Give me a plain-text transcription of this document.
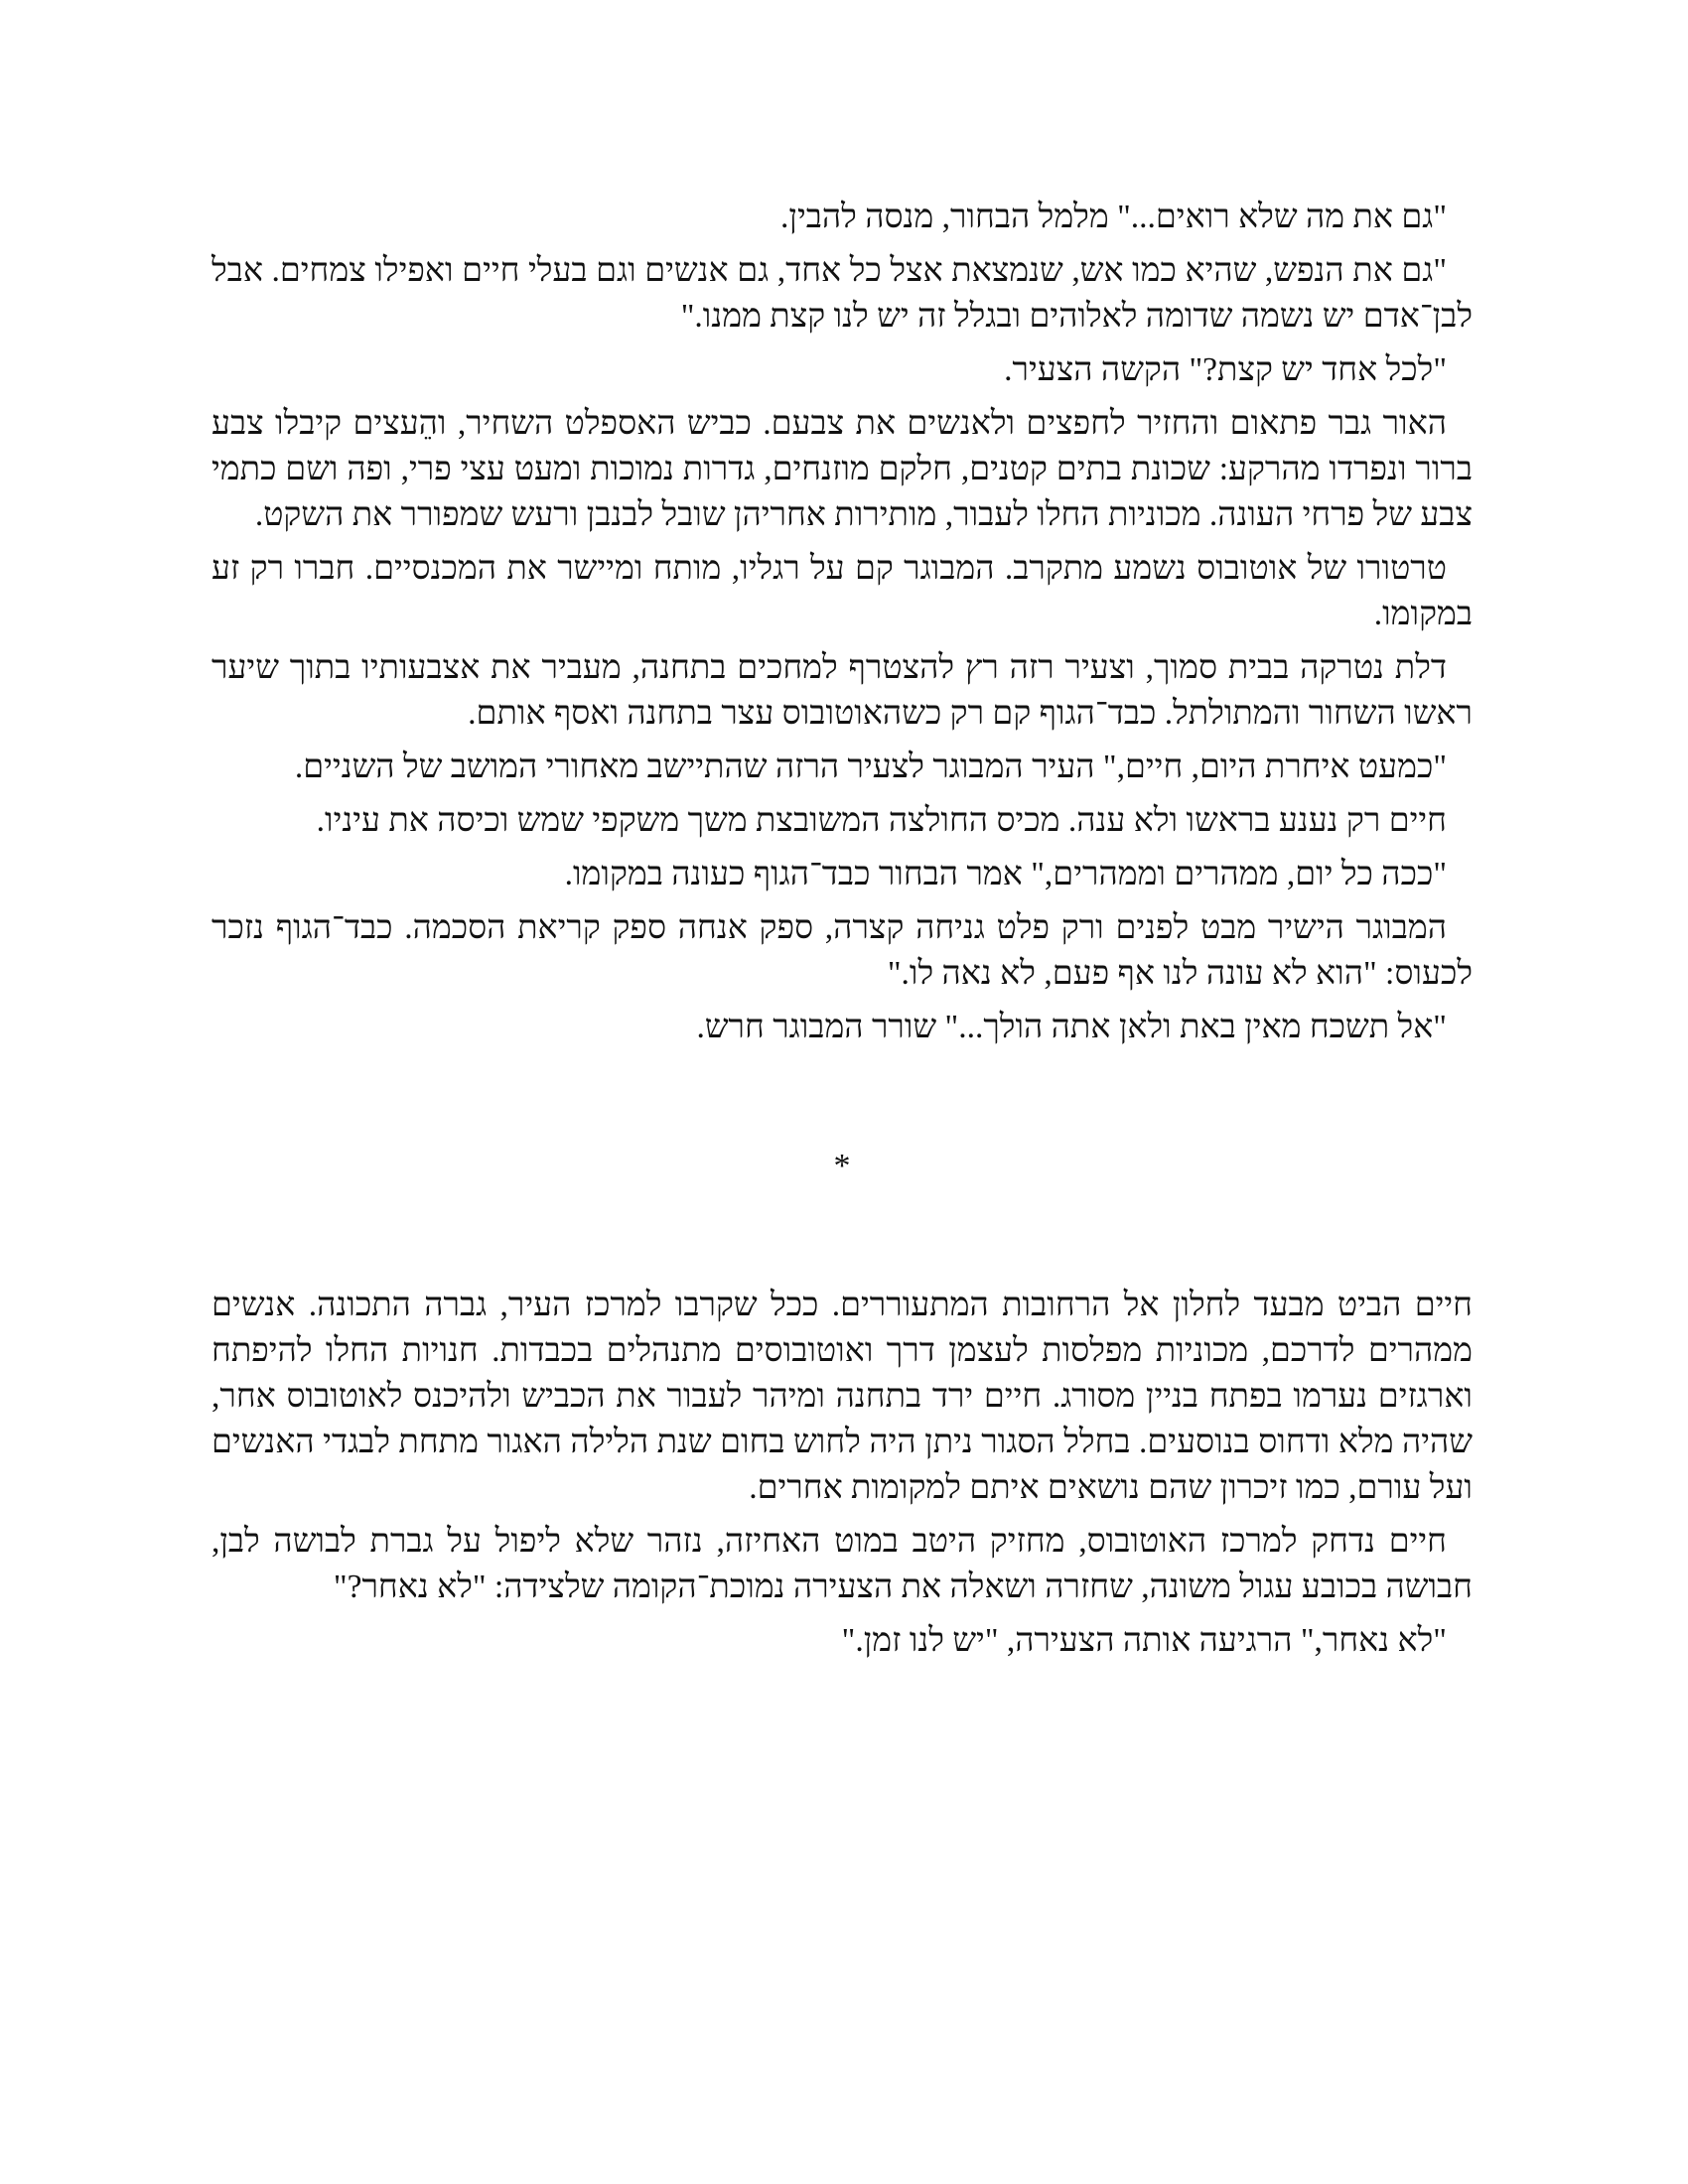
"גם את מה שלא רואים..." מלמל הבחור, מנסה להבין.

"גם את הנפש, שהיא כמו אש, שנמצאת אצל כל אחד, גם אנשים וגם בעלי חיים ואפילו צמחים. אבל לבן־אדם יש נשמה שדומה לאלוהים ובגלל זה יש לנו קצת ממנו."

"לכל אחד יש קצת?" הקשה הצעיר.

האור גבר פתאום והחזיר לחפצים ולאנשים את צבעם. כביש האספלט השחיר, והֵעצים קיבלו צבע ברור ונפרדו מהרקע: שכונת בתים קטנים, חלקם מוזנחים, גדרות נמוכות ומעט עצי פרי, ופה ושם כתמי צבע של פרחי העונה. מכוניות החלו לעבור, מותירות אחריהן שובל לבנבן ורעש שמפורר את השקט.

טרטורו של אוטובוס נשמע מתקרב. המבוגר קם על רגליו, מותח ומיישר את המכנסיים. חברו רק זע במקומו.

דלת נטרקה בבית סמוך, וצעיר רזה רץ להצטרף למחכים בתחנה, מעביר את אצבעותיו בתוך שיער ראשו השחור והמתולתל. כבד־הגוף קם רק כשהאוטובוס עצר בתחנה ואסף אותם.

"כמעט איחרת היום, חיים," העיר המבוגר לצעיר הרזה שהתיישב מאחורי המושב של השניים.

חיים רק נענע בראשו ולא ענה. מכיס החולצה המשובצת משך משקפי שמש וכיסה את עיניו.

"ככה כל יום, ממהרים וממהרים," אמר הבחור כבד־הגוף כעונה במקומו.

המבוגר הישיר מבט לפנים ורק פלט גניחה קצרה, ספק אנחה ספק קריאת הסכמה. כבד־הגוף נזכר לכעוס: "הוא לא עונה לנו אף פעם, לא נאה לו."

"אל תשכח מאין באת ולאן אתה הולך..." שורר המבוגר חרש.

*

חיים הביט מבעד לחלון אל הרחובות המתעוררים. ככל שקרבו למרכז העיר, גברה התכונה. אנשים ממהרים לדרכם, מכוניות מפלסות לעצמן דרך ואוטובוסים מתנהלים בכבדות. חנויות החלו להיפתח וארגזים נערמו בפתח בניין מסורג. חיים ירד בתחנה ומיהר לעבור את הכביש ולהיכנס לאוטובוס אחר, שהיה מלא ודחוס בנוסעים. בחלל הסגור ניתן היה לחוש בחום שנת הלילה האגור מתחת לבגדי האנשים ועל עורם, כמו זיכרון שהם נושאים איתם למקומות אחרים.

חיים נדחק למרכז האוטובוס, מחזיק היטב במוט האחיזה, נזהר שלא ליפול על גברת לבושה לבן, חבושה בכובע עגול משונה, שחזרה ושאלה את הצעירה נמוכת־הקומה שלצידה: "לא נאחר?"

"לא נאחר," הרגיעה אותה הצעירה, "יש לנו זמן."
